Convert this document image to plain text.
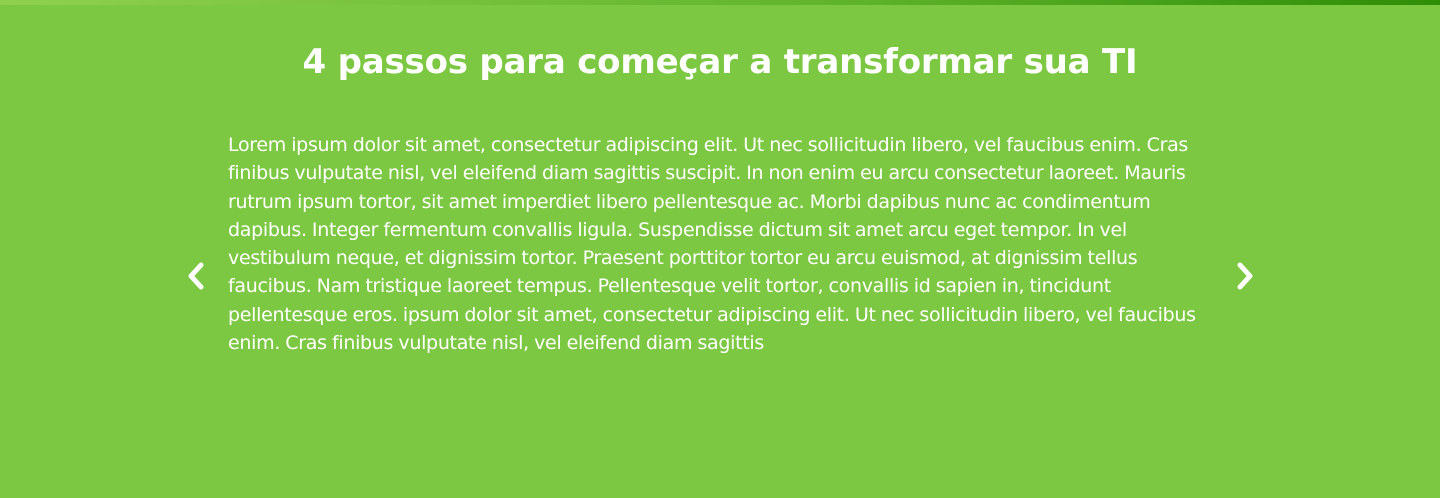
4 passos para começar a transformar sua TI

Lorem ipsum dolor sit amet, consectetur adipiscing elit. Ut nec sollicitudin libero, vel faucibus enim. Cras finibus vulputate nisl, vel eleifend diam sagittis suscipit. In non enim eu arcu consectetur laoreet. Mauris rutrum ipsum tortor, sit amet imperdiet libero pellentesque ac. Morbi dapibus nunc ac condimentum dapibus. Integer fermentum convallis ligula. Suspendisse dictum sit amet arcu eget tempor. In vel vestibulum neque, et dignissim tortor. Praesent porttitor tortor eu arcu euismod, at dignissim tellus faucibus. Nam tristique laoreet tempus. Pellentesque velit tortor, convallis id sapien in, tincidunt pellentesque eros. ipsum dolor sit amet, consectetur adipiscing elit. Ut nec sollicitudin libero, vel faucibus enim. Cras finibus vulputate nisl, vel eleifend diam sagittis
